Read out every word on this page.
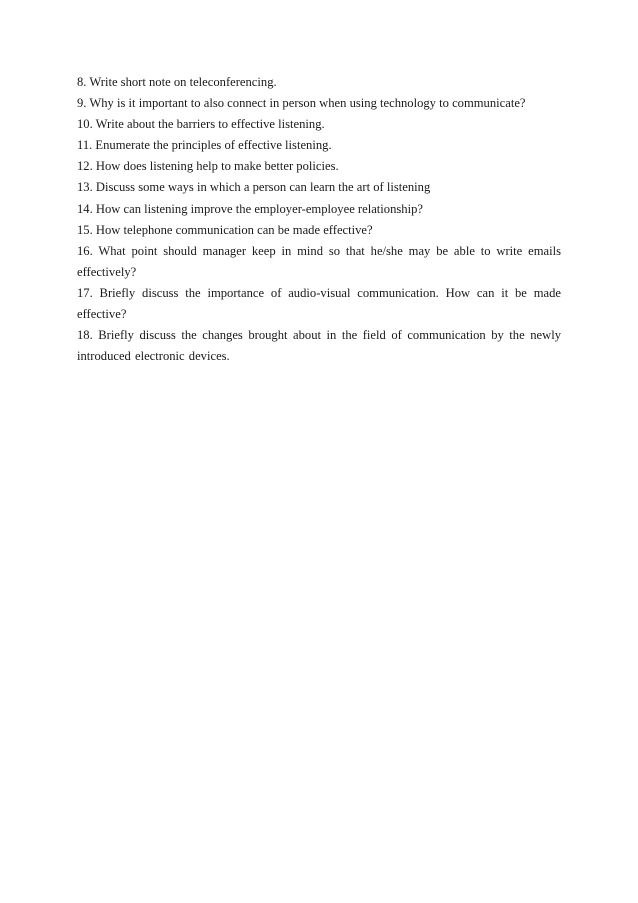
8. Write short note on teleconferencing.

9. Why is it important to also connect in person when using technology to communicate?

10. Write about the barriers to effective listening.

11. Enumerate the principles of effective listening.

12. How does listening help to make better policies.

13. Discuss some ways in which a person can learn the art of listening

14. How can listening improve the employer-employee relationship?

15. How telephone communication can be made effective?

16. What point should manager keep in mind so that he/she may be able to write emails effectively?

17. Briefly discuss the importance of audio-visual communication. How can it be made effective?

18. Briefly discuss the changes brought about in the field of communication by the newly introduced electronic devices.
